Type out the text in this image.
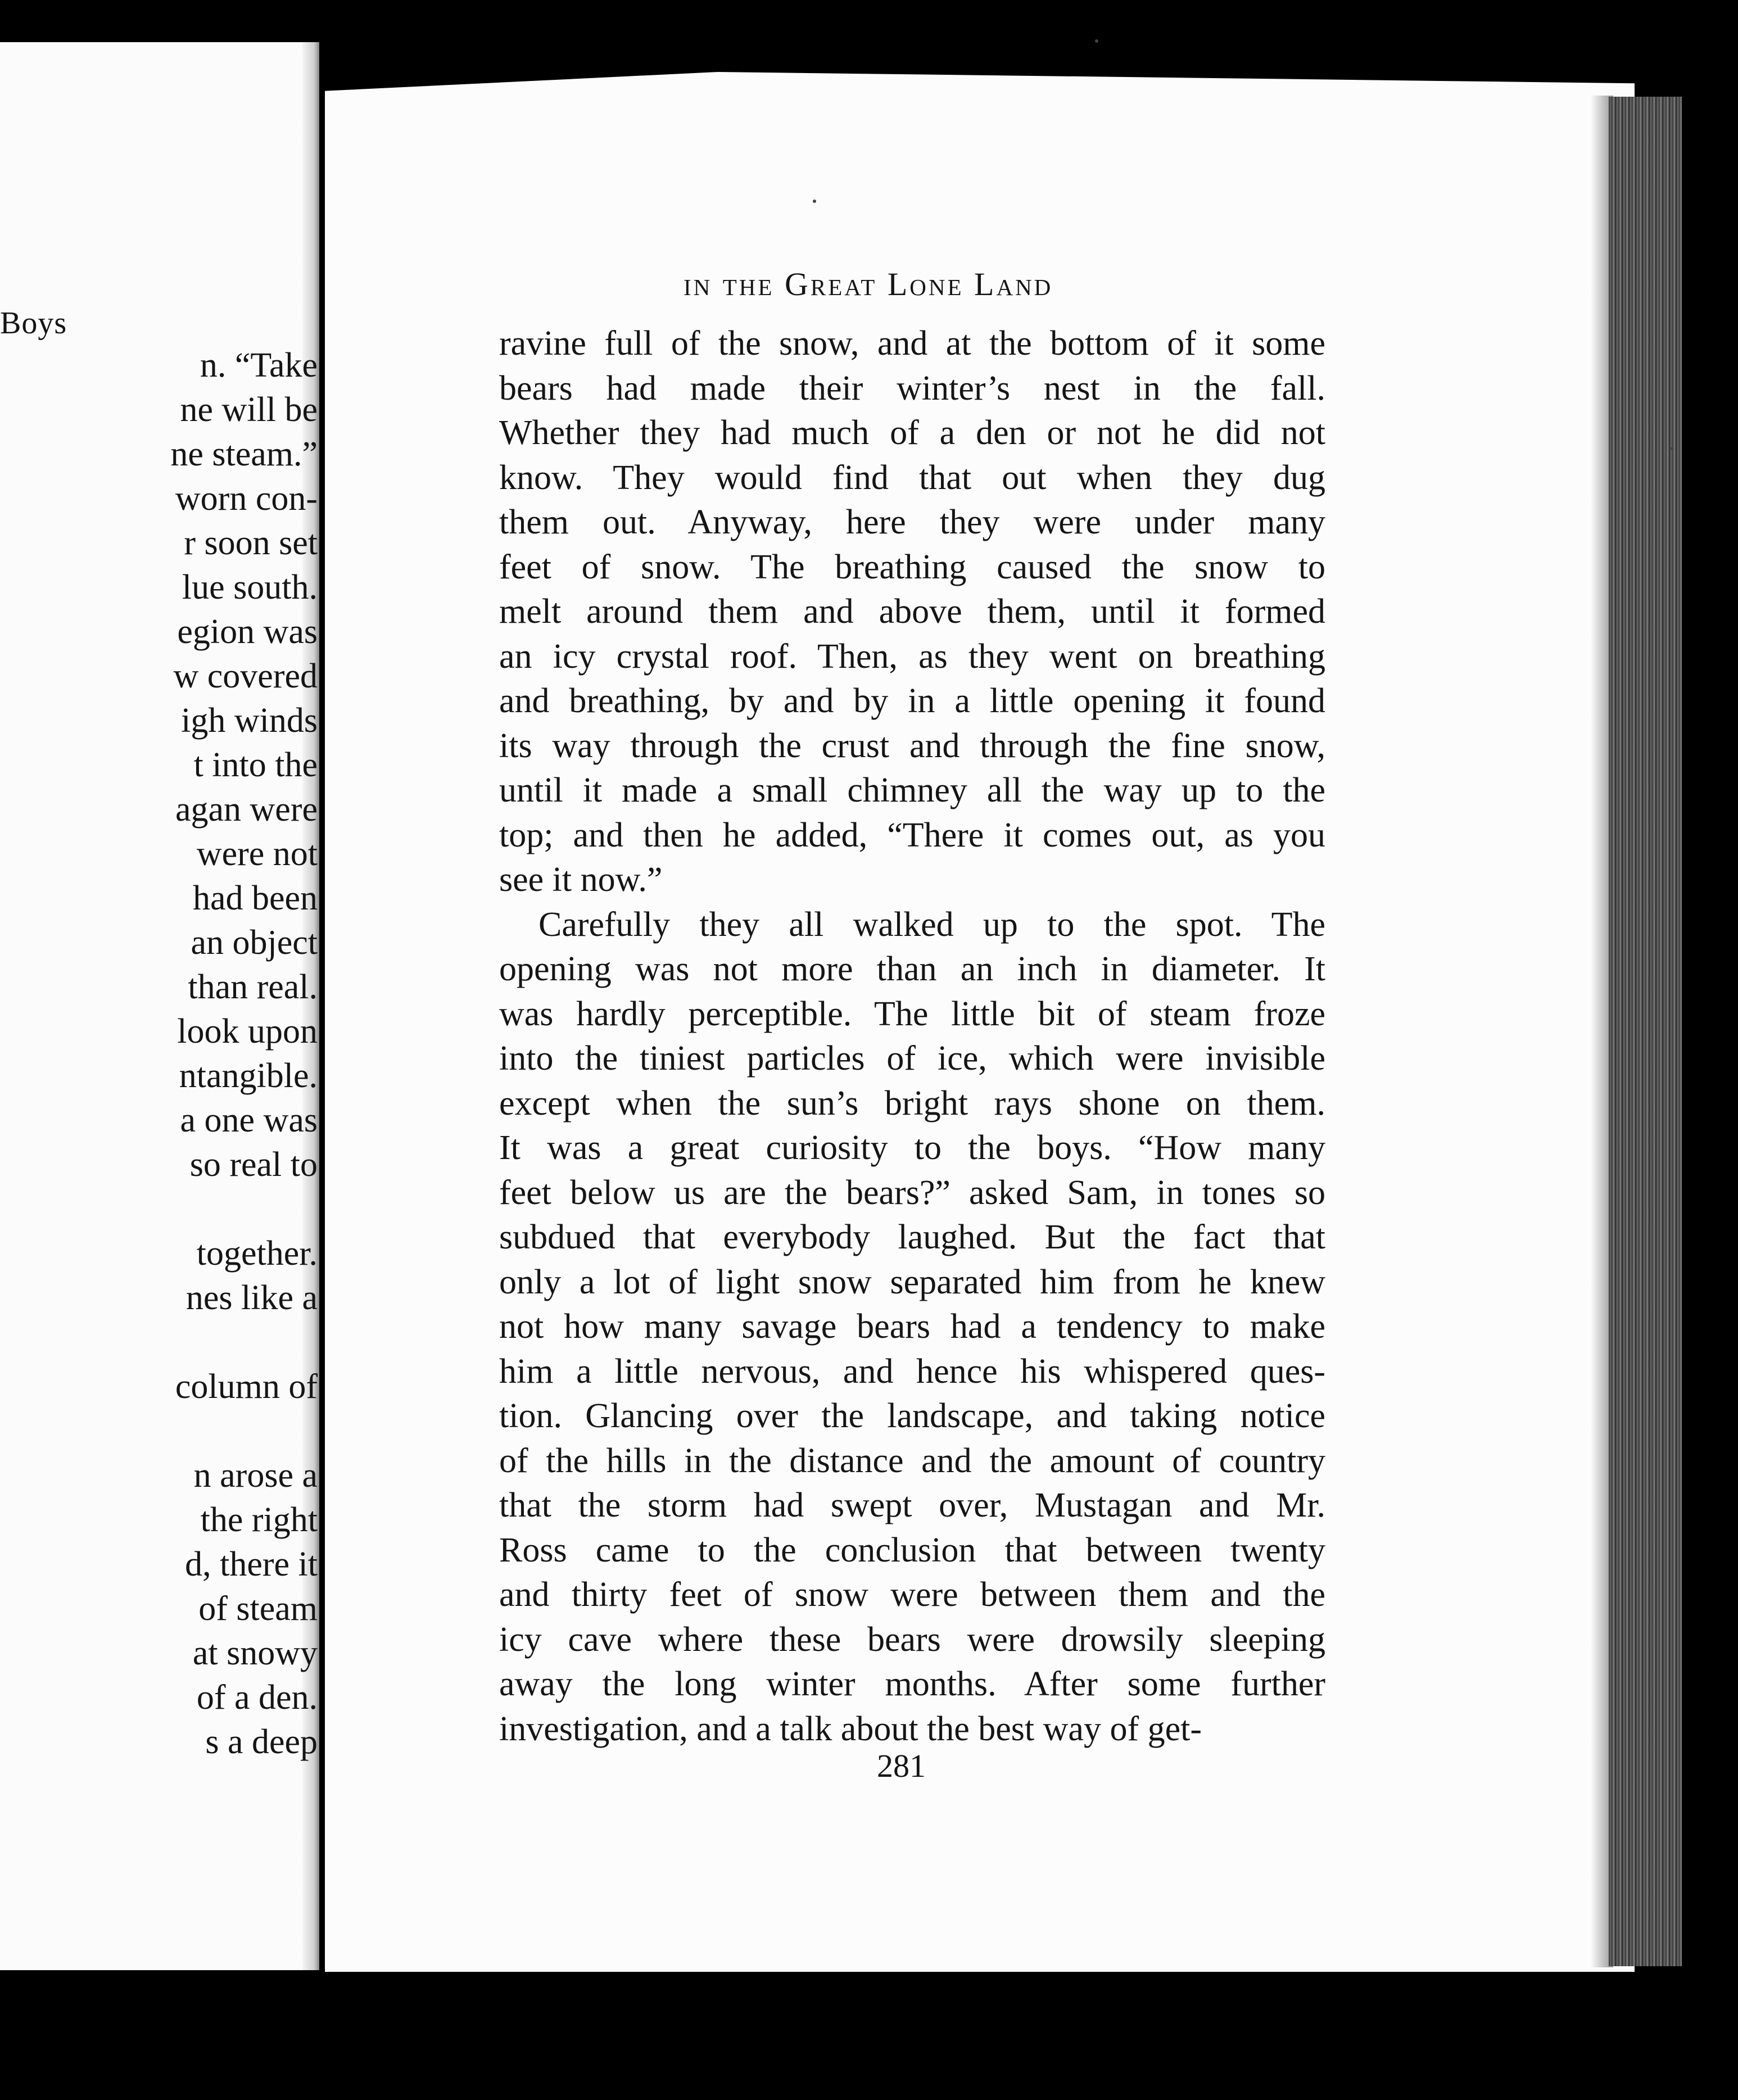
Boys
n. “Take
ne will be
ne steam.”
worn con-
r soon set
lue south.
egion was
w covered
igh winds
t into the
agan were
were not
had been
an object
than real.
look upon
ntangible.
a one was
so real to
together.
nes like a
column of
n arose a
the right
d, there it
of steam
at snowy
of a den.
s a deep
in the Great Lone Land
ravine full of the snow, and at the bottom of it some
bears had made their winter’s nest in the fall.
Whether they had much of a den or not he did not
know. They would find that out when they dug
them out. Anyway, here they were under many
feet of snow. The breathing caused the snow to
melt around them and above them, until it formed
an icy crystal roof. Then, as they went on breathing
and breathing, by and by in a little opening it found
its way through the crust and through the fine snow,
until it made a small chimney all the way up to the
top; and then he added, “There it comes out, as you
see it now.”
Carefully they all walked up to the spot. The
opening was not more than an inch in diameter. It
was hardly perceptible. The little bit of steam froze
into the tiniest particles of ice, which were invisible
except when the sun’s bright rays shone on them.
It was a great curiosity to the boys. “How many
feet below us are the bears?” asked Sam, in tones so
subdued that everybody laughed. But the fact that
only a lot of light snow separated him from he knew
not how many savage bears had a tendency to make
him a little nervous, and hence his whispered ques-
tion. Glancing over the landscape, and taking notice
of the hills in the distance and the amount of country
that the storm had swept over, Mustagan and Mr.
Ross came to the conclusion that between twenty
and thirty feet of snow were between them and the
icy cave where these bears were drowsily sleeping
away the long winter months. After some further
investigation, and a talk about the best way of get-
281
